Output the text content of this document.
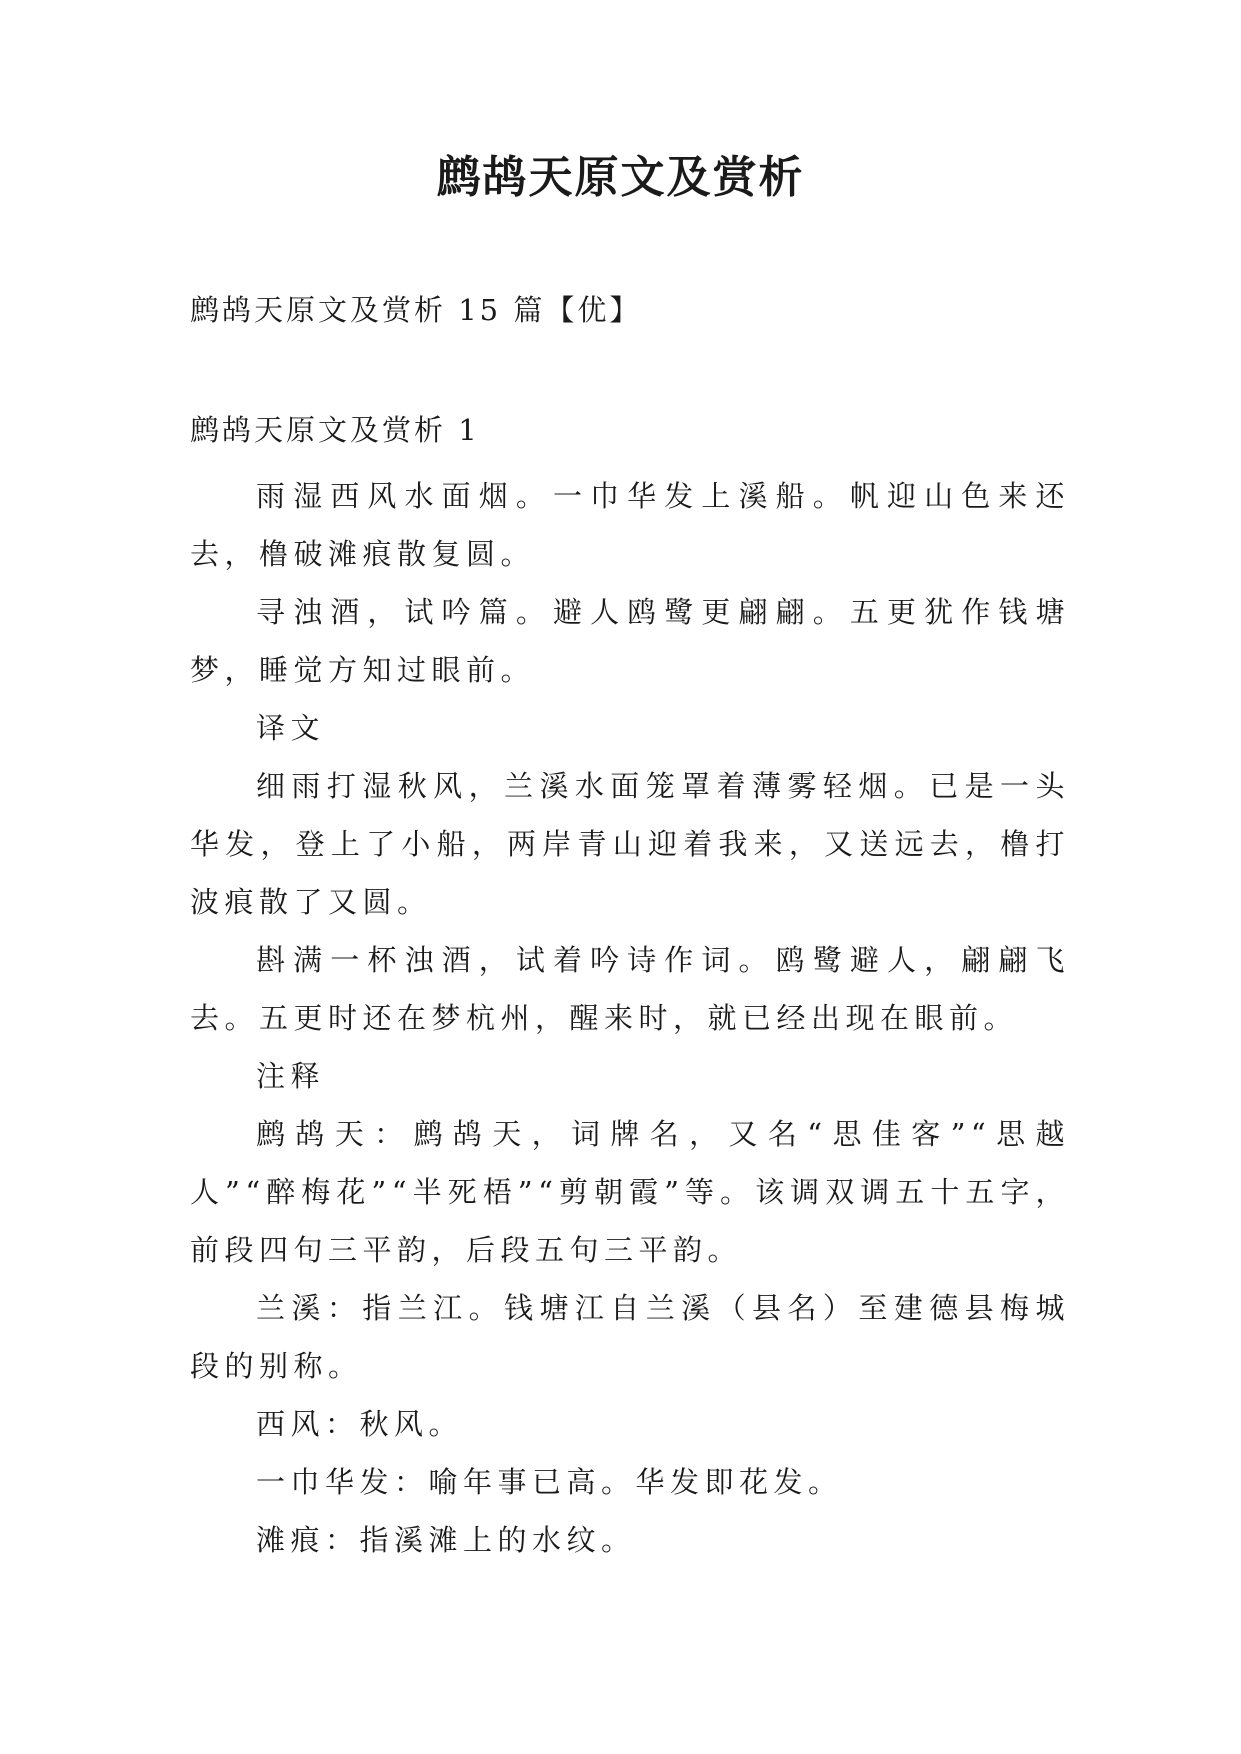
鹧鸪天原文及赏析

鹧鸪天原文及赏析 15 篇【优】

鹧鸪天原文及赏析 1

雨湿西风水面烟。一巾华发上溪船。帆迎山色来还去，橹破滩痕散复圆。

寻浊酒，试吟篇。避人鸥鹭更翩翩。五更犹作钱塘梦，睡觉方知过眼前。

译文

细雨打湿秋风，兰溪水面笼罩着薄雾轻烟。已是一头华发，登上了小船，两岸青山迎着我来，又送远去，橹打波痕散了又圆。

斟满一杯浊酒，试着吟诗作词。鸥鹭避人，翩翩飞去。五更时还在梦杭州，醒来时，就已经出现在眼前。

注释

鹧鸪天：鹧鸪天，词牌名，又名“思佳客”“思越人”“醉梅花”“半死梧”“剪朝霞”等。该调双调五十五字，前段四句三平韵，后段五句三平韵。

兰溪：指兰江。钱塘江自兰溪（县名）至建德县梅城段的别称。

西风：秋风。

一巾华发：喻年事已高。华发即花发。

滩痕：指溪滩上的水纹。
